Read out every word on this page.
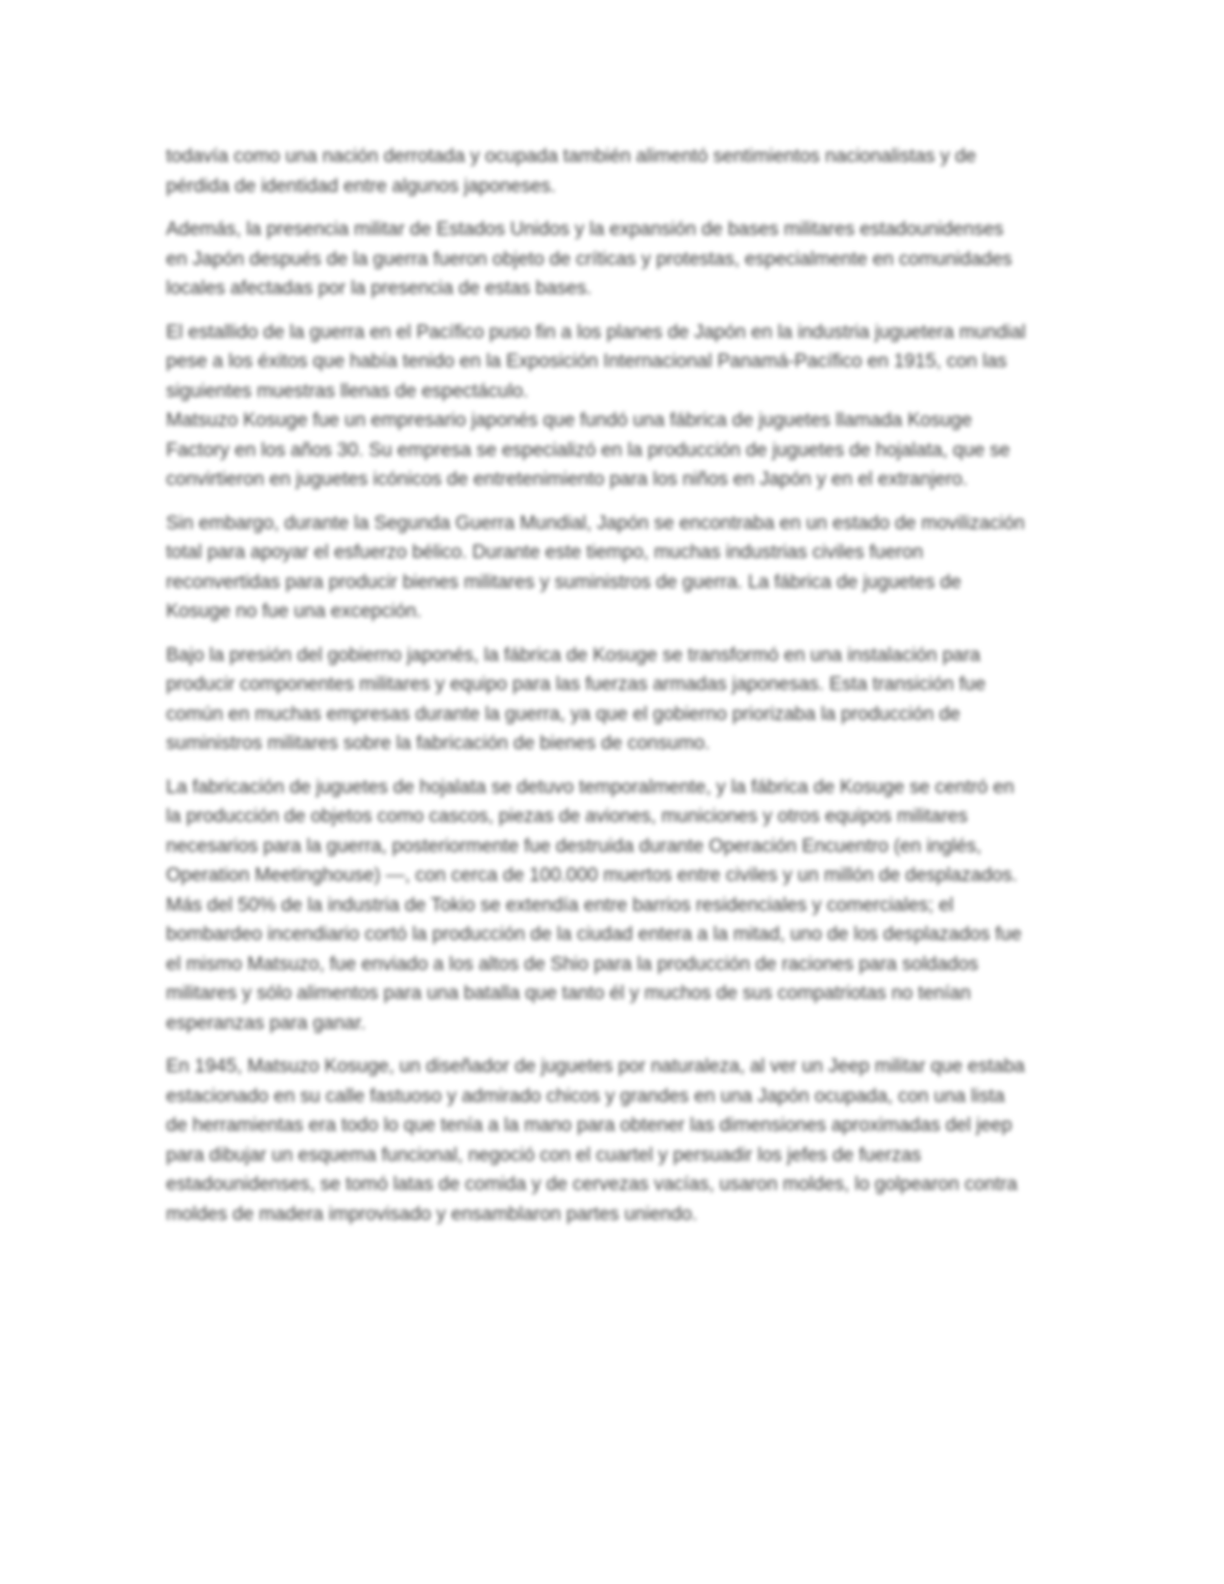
todavía como una nación derrotada y ocupada también alimentó sentimientos nacionalistas y de pérdida de identidad entre algunos japoneses.

Además, la presencia militar de Estados Unidos y la expansión de bases militares estadounidenses en Japón después de la guerra fueron objeto de críticas y protestas, especialmente en comunidades locales afectadas por la presencia de estas bases.

El estallido de la guerra en el Pacífico puso fin a los planes de Japón en la industria juguetera mundial pese a los éxitos que había tenido en la Exposición Internacional Panamá-Pacífico en 1915, con las siguientes muestras llenas de espectáculo.

Matsuzo Kosuge fue un empresario japonés que fundó una fábrica de juguetes llamada Kosuge Factory en los años 30. Su empresa se especializó en la producción de juguetes de hojalata, que se convirtieron en juguetes icónicos de entretenimiento para los niños en Japón y en el extranjero.

Sin embargo, durante la Segunda Guerra Mundial, Japón se encontraba en un estado de movilización total para apoyar el esfuerzo bélico. Durante este tiempo, muchas industrias civiles fueron reconvertidas para producir bienes militares y suministros de guerra. La fábrica de juguetes de Kosuge no fue una excepción.

Bajo la presión del gobierno japonés, la fábrica de Kosuge se transformó en una instalación para producir componentes militares y equipo para las fuerzas armadas japonesas. Esta transición fue común en muchas empresas durante la guerra, ya que el gobierno priorizaba la producción de suministros militares sobre la fabricación de bienes de consumo.

La fabricación de juguetes de hojalata se detuvo temporalmente, y la fábrica de Kosuge se centró en la producción de objetos como cascos, piezas de aviones, municiones y otros equipos militares necesarios para la guerra, posteriormente fue destruida durante Operación Encuentro (en inglés, Operation Meetinghouse) —, con cerca de 100.000 muertos entre civiles y un millón de desplazados. Más del 50% de la industria de Tokio se extendía entre barrios residenciales y comerciales; el bombardeo incendiario cortó la producción de la ciudad entera a la mitad, uno de los desplazados fue el mismo Matsuzo, fue enviado a los altos de Shio para la producción de raciones para soldados militares y sólo alimentos para una batalla que tanto él y muchos de sus compatriotas no tenían esperanzas para ganar.

En 1945, Matsuzo Kosuge, un diseñador de juguetes por naturaleza, al ver un Jeep militar que estaba estacionado en su calle fastuoso y admirado chicos y grandes en una Japón ocupada, con una lista de herramientas era todo lo que tenía a la mano para obtener las dimensiones aproximadas del jeep para dibujar un esquema funcional, negoció con el cuartel y persuadir los jefes de fuerzas estadounidenses, se tomó latas de comida y de cervezas vacías, usaron moldes, lo golpearon contra moldes de madera improvisado y ensamblaron partes uniendo.
